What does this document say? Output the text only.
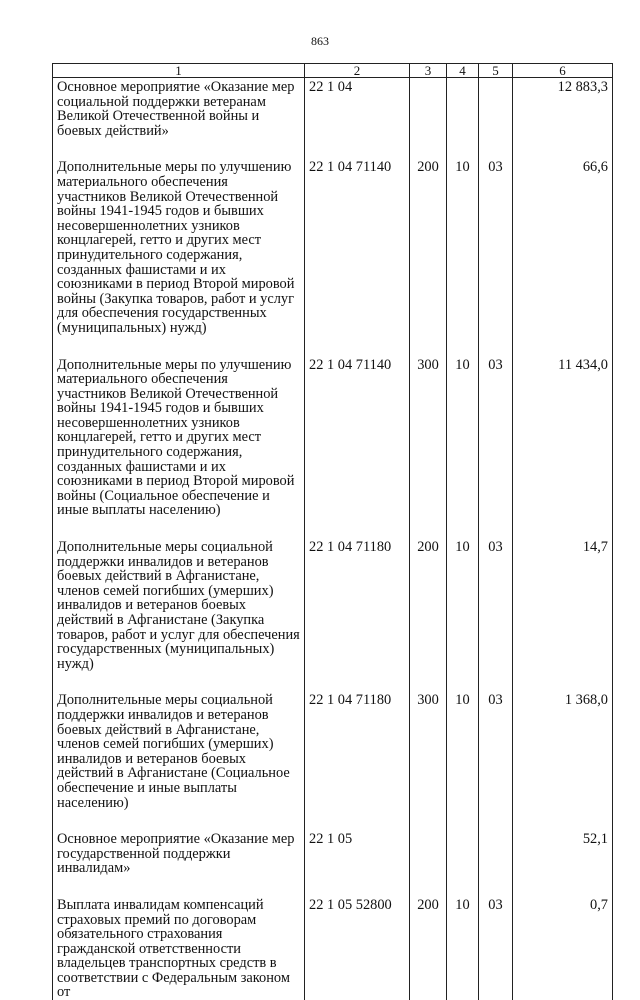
863
1	2	3	4	5	6
Основное мероприятие «Оказание мер социальной поддержки ветеранам Великой Отечественной войны и боевых действий»	22 1 04				12 883,3
Дополнительные меры по улучшению материального обеспечения участников Великой Отечественной войны 1941-1945 годов и бывших несовершеннолетних узников концлагерей, гетто и других мест принудительного содержания, созданных фашистами и их союзниками в период Второй мировой войны (Закупка товаров, работ и услуг для обеспечения государственных (муниципальных) нужд)	22 1 04 71140	200	10	03	66,6
Дополнительные меры по улучшению материального обеспечения участников Великой Отечественной войны 1941-1945 годов и бывших несовершеннолетних узников концлагерей, гетто и других мест принудительного содержания, созданных фашистами и их союзниками в период Второй мировой войны (Социальное обеспечение и иные выплаты населению)	22 1 04 71140	300	10	03	11 434,0
Дополнительные меры социальной поддержки инвалидов и ветеранов боевых действий в Афганистане, членов семей погибших (умерших) инвалидов и ветеранов боевых действий в Афганистане (Закупка товаров, работ и услуг для обеспечения государственных (муниципальных) нужд)	22 1 04 71180	200	10	03	14,7
Дополнительные меры социальной поддержки инвалидов и ветеранов боевых действий в Афганистане, членов семей погибших (умерших) инвалидов и ветеранов боевых действий в Афганистане (Социальное обеспечение и иные выплаты населению)	22 1 04 71180	300	10	03	1 368,0
Основное мероприятие «Оказание мер государственной поддержки инвалидам»	22 1 05				52,1
Выплата инвалидам компенсаций страховых премий по договорам обязательного страхования гражданской ответственности владельцев транспортных средств в соответствии с Федеральным законом от	22 1 05 52800	200	10	03	0,7
